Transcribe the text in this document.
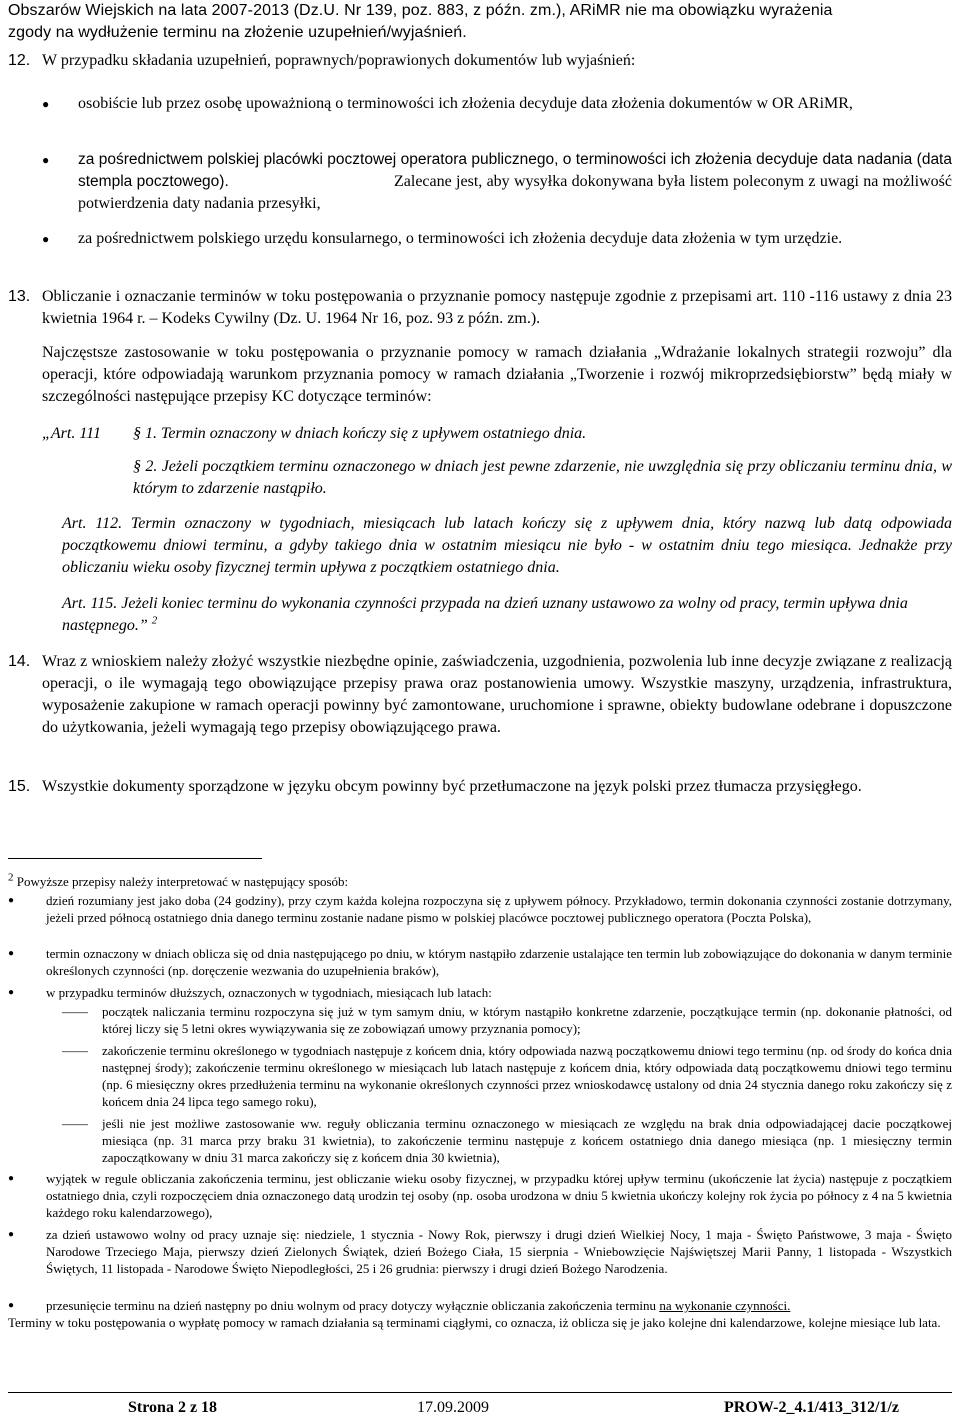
Obszarów Wiejskich na lata 2007-2013 (Dz.U. Nr 139, poz. 883, z późn. zm.), ARiMR nie ma obowiązku wyrażenia

zgody na wydłużenie terminu na złożenie uzupełnień/wyjaśnień.

12. W przypadku składania uzupełnień, poprawnych/poprawionych dokumentów lub wyjaśnień:
● osobiście lub przez osobę upoważnioną o terminowości ich złożenia decyduje data złożenia dokumentów w OR ARiMR,
● za pośrednictwem polskiej placówki pocztowej operatora publicznego, o terminowości ich złożenia decyduje data nadania (data stempla pocztowego).	Zalecane jest, aby wysyłka dokonywana była listem poleconym z uwagi na możliwość potwierdzenia daty nadania przesyłki,
● za pośrednictwem polskiego urzędu konsularnego, o terminowości ich złożenia decyduje data złożenia w tym urzędzie.
13. Obliczanie i oznaczanie terminów w toku postępowania o przyznanie pomocy następuje zgodnie z przepisami art. 110 -116 ustawy z dnia 23 kwietnia 1964 r. – Kodeks Cywilny (Dz. U. 1964 Nr 16, poz. 93 z późn. zm.).
Najczęstsze zastosowanie w toku postępowania o przyznanie pomocy w ramach działania „Wdrażanie lokalnych strategii rozwoju” dla operacji, które odpowiadają warunkom przyznania pomocy w ramach działania „Tworzenie i rozwój mikroprzedsiębiorstw” będą miały w szczególności następujące przepisy KC dotyczące terminów:
„Art. 111 § 1. Termin oznaczony w dniach kończy się z upływem ostatniego dnia.
§ 2. Jeżeli początkiem terminu oznaczonego w dniach jest pewne zdarzenie, nie uwzględnia się przy obliczaniu terminu dnia, w którym to zdarzenie nastąpiło.
Art. 112. Termin oznaczony w tygodniach, miesiącach lub latach kończy się z upływem dnia, który nazwą lub datą odpowiada początkowemu dniowi terminu, a gdyby takiego dnia w ostatnim miesiącu nie było - w ostatnim dniu tego miesiąca. Jednakże przy obliczaniu wieku osoby fizycznej termin upływa z początkiem ostatniego dnia.
Art. 115. Jeżeli koniec terminu do wykonania czynności przypada na dzień uznany ustawowo za wolny od pracy, termin upływa dnia następnego.” $^2$
14. Wraz z wnioskiem należy złożyć wszystkie niezbędne opinie, zaświadczenia, uzgodnienia, pozwolenia lub inne decyzje związane z realizacją operacji, o ile wymagają tego obowiązujące przepisy prawa oraz postanowienia umowy. Wszystkie maszyny, urządzenia, infrastruktura, wyposażenie zakupione w ramach operacji powinny być zamontowane, uruchomione i sprawne, obiekty budowlane odebrane i dopuszczone do użytkowania, jeżeli wymagają tego przepisy obowiązującego prawa.
15. Wszystkie dokumenty sporządzone w języku obcym powinny być przetłumaczone na język polski przez tłumacza przysięgłego.
$^2$ Powyższe przepisy należy interpretować w następujący sposób:
● dzień rozumiany jest jako doba (24 godziny), przy czym każda kolejna rozpoczyna się z upływem północy. Przykładowo, termin dokonania czynności zostanie dotrzymany, jeżeli przed północą ostatniego dnia danego terminu zostanie nadane pismo w polskiej placówce pocztowej publicznego operatora (Poczta Polska),
● termin oznaczony w dniach oblicza się od dnia następującego po dniu, w którym nastąpiło zdarzenie ustalające ten termin lub zobowiązujące do dokonania w danym terminie określonych czynności (np. doręczenie wezwania do uzupełnienia braków),
● w przypadku terminów dłuższych, oznaczonych w tygodniach, miesiącach lub latach:
—— początek naliczania terminu rozpoczyna się już w tym samym dniu, w którym nastąpiło konkretne zdarzenie, początkujące termin (np. dokonanie płatności, od której liczy się 5 letni okres wywiązywania się ze zobowiązań umowy przyznania pomocy);
—— zakończenie terminu określonego w tygodniach następuje z końcem dnia, który odpowiada nazwą początkowemu dniowi tego terminu (np. od środy do końca dnia następnej środy); zakończenie terminu określonego w miesiącach lub latach następuje z końcem dnia, który odpowiada datą początkowemu dniowi tego terminu (np. 6 miesięczny okres przedłużenia terminu na wykonanie określonych czynności przez wnioskodawcę ustalony od dnia 24 stycznia danego roku zakończy się z końcem dnia 24 lipca tego samego roku),
—— jeśli nie jest możliwe zastosowanie ww. reguły obliczania terminu oznaczonego w miesiącach ze względu na brak dnia odpowiadającej dacie początkowej miesiąca (np. 31 marca przy braku 31 kwietnia), to zakończenie terminu następuje z końcem ostatniego dnia danego miesiąca (np. 1 miesięczny termin zapoczątkowany w dniu 31 marca zakończy się z końcem dnia 30 kwietnia),
● wyjątek w regule obliczania zakończenia terminu, jest obliczanie wieku osoby fizycznej, w przypadku której upływ terminu (ukończenie lat życia) następuje z początkiem ostatniego dnia, czyli rozpoczęciem dnia oznaczonego datą urodzin tej osoby (np. osoba urodzona w dniu 5 kwietnia ukończy kolejny rok życia po północy z 4 na 5 kwietnia każdego roku kalendarzowego),
● za dzień ustawowo wolny od pracy uznaje się: niedziele, 1 stycznia - Nowy Rok, pierwszy i drugi dzień Wielkiej Nocy, 1 maja - Święto Państwowe, 3 maja - Święto Narodowe Trzeciego Maja, pierwszy dzień Zielonych Świątek, dzień Bożego Ciała, 15 sierpnia - Wniebowzięcie Najświętszej Marii Panny, 1 listopada - Wszystkich Świętych, 11 listopada - Narodowe Święto Niepodległości, 25 i 26 grudnia: pierwszy i drugi dzień Bożego Narodzenia.
● przesunięcie terminu na dzień następny po dniu wolnym od pracy dotyczy wyłącznie obliczania zakończenia terminu na wykonanie czynności.
Terminy w toku postępowania o wypłatę pomocy w ramach działania są terminami ciągłymi, co oznacza, iż oblicza się je jako kolejne dni kalendarzowe, kolejne miesiące lub lata.
Strona 2 z 18	17.09.2009	PROW-2_4.1/413_312/1/z
